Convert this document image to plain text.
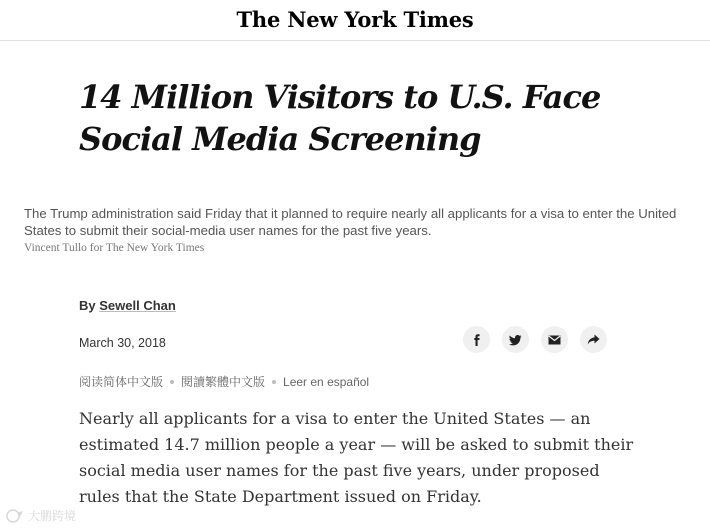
The New York Times
14 Million Visitors to U.S. Face Social Media Screening
The Trump administration said Friday that it planned to require nearly all applicants for a visa to enter the United States to submit their social-media user names for the past five years.
Vincent Tullo for The New York Times
By Sewell Chan
March 30, 2018
阅读简体中文版 閱讀繁體中文版 Leer en español

Nearly all applicants for a visa to enter the United States — an estimated 14.7 million people a year — will be asked to submit their social media user names for the past five years, under proposed rules that the State Department issued on Friday.

大鹏跨境
